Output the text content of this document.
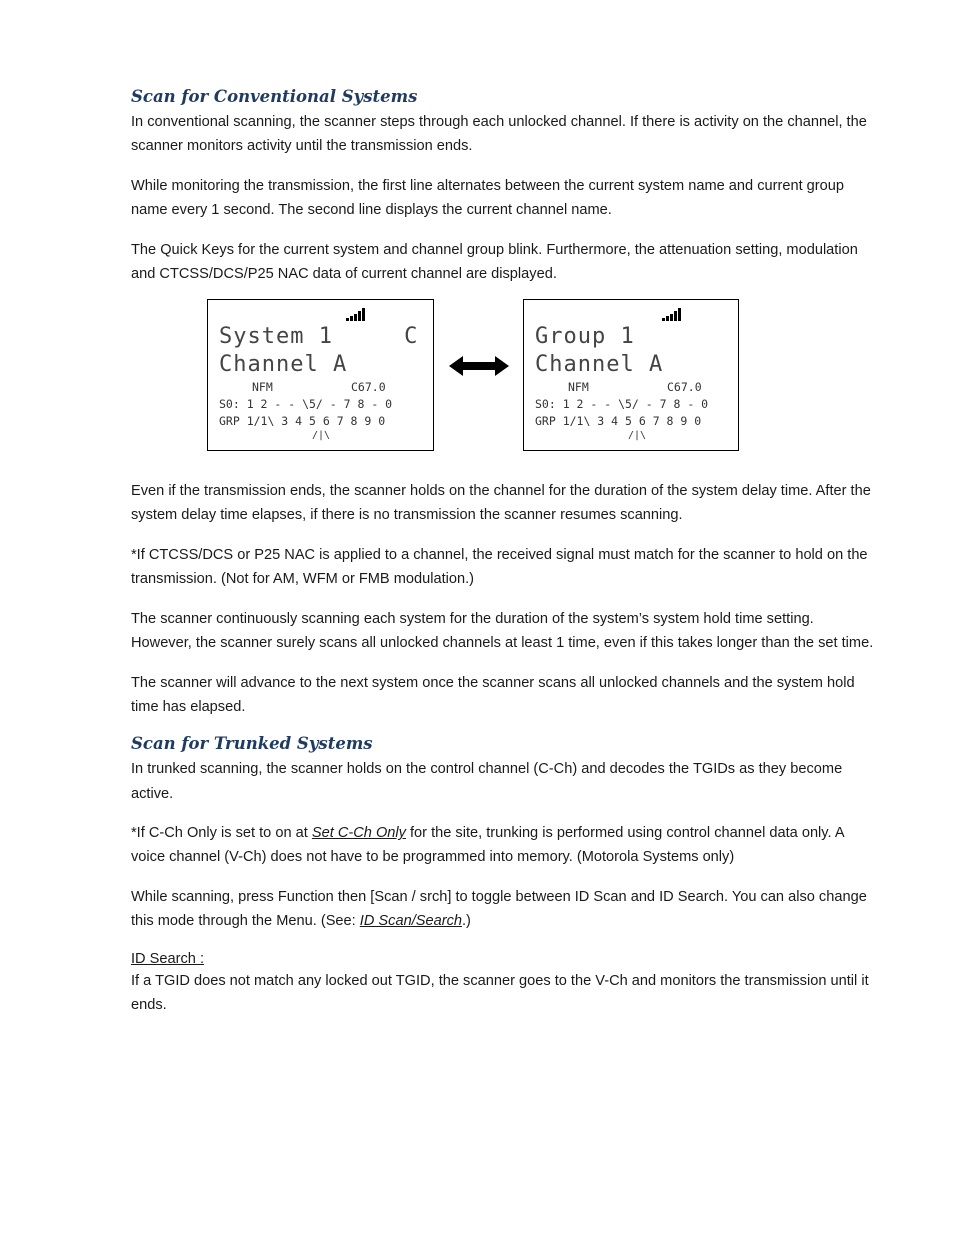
Scan for Conventional Systems

In conventional scanning, the scanner steps through each unlocked channel. If there is activity on the channel, the scanner monitors activity until the transmission ends.

While monitoring the transmission, the first line alternates between the current system name and current group name every 1 second. The second line displays the current channel name.

The Quick Keys for the current system and channel group blink. Furthermore, the attenuation setting, modulation and CTCSS/DCS/P25 NAC data of current channel are displayed.

System 1     C
Channel A
NFM	C67.0
S0: 1 2 - - \5/ - 7 8 - 0
GRP 1/1\ 3 4 5 6 7 8 9 0
/|\
Group 1
Channel A
NFM	C67.0
S0: 1 2 - - \5/ - 7 8 - 0
GRP 1/1\ 3 4 5 6 7 8 9 0
/|\

Even if the transmission ends, the scanner holds on the channel for the duration of the system delay time. After the system delay time elapses, if there is no transmission the scanner resumes scanning.

*If CTCSS/DCS or P25 NAC is applied to a channel, the received signal must match for the scanner to hold on the transmission. (Not for AM, WFM or FMB modulation.)

The scanner continuously scanning each system for the duration of the system’s system hold time setting. However, the scanner surely scans all unlocked channels at least 1 time, even if this takes longer than the set time.

The scanner will advance to the next system once the scanner scans all unlocked channels and the system hold time has elapsed.

Scan for Trunked Systems

In trunked scanning, the scanner holds on the control channel (C-Ch) and decodes the TGIDs as they become active.

*If C-Ch Only is set to on at Set C-Ch Only for the site, trunking is performed using control channel data only. A voice channel (V-Ch) does not have to be programmed into memory. (Motorola Systems only)

While scanning, press Function then [Scan / srch] to toggle between ID Scan and ID Search. You can also change this mode through the Menu. (See: ID Scan/Search.)

ID Search :

If a TGID does not match any locked out TGID, the scanner goes to the V-Ch and monitors the transmission until it ends.
